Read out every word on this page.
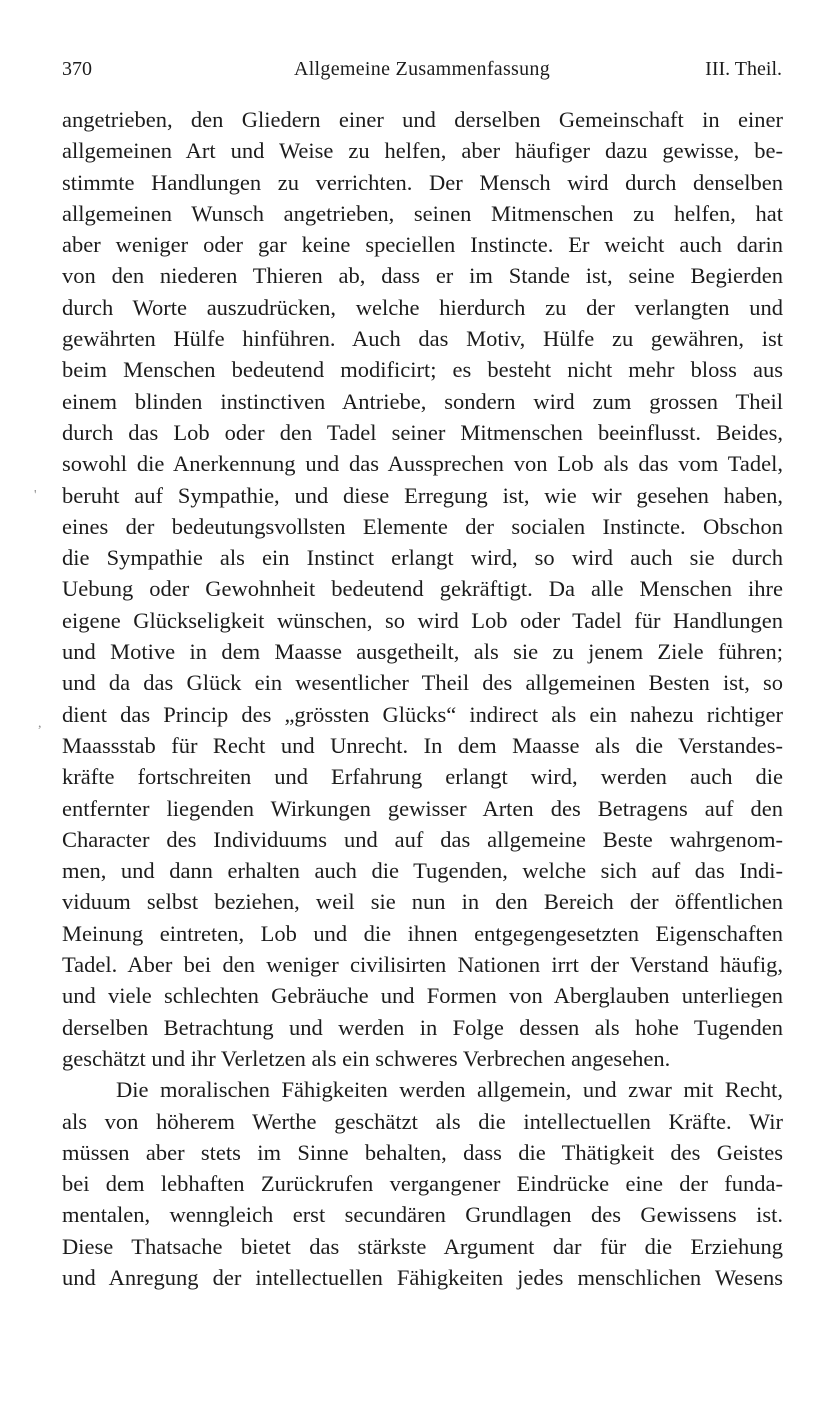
370	Allgemeine Zusammenfassung	III. Theil.
'
,
angetrieben, den Gliedern einer und derselben Gemeinschaft in einer
allgemeinen Art und Weise zu helfen, aber häufiger dazu gewisse, be-
stimmte Handlungen zu verrichten. Der Mensch wird durch denselben
allgemeinen Wunsch angetrieben, seinen Mitmenschen zu helfen, hat
aber weniger oder gar keine speciellen Instincte. Er weicht auch darin
von den niederen Thieren ab, dass er im Stande ist, seine Begierden
durch Worte auszudrücken, welche hierdurch zu der verlangten und
gewährten Hülfe hinführen. Auch das Motiv, Hülfe zu gewähren, ist
beim Menschen bedeutend modificirt; es besteht nicht mehr bloss aus
einem blinden instinctiven Antriebe, sondern wird zum grossen Theil
durch das Lob oder den Tadel seiner Mitmenschen beeinflusst. Beides,
sowohl die Anerkennung und das Aussprechen von Lob als das vom Tadel,
beruht auf Sympathie, und diese Erregung ist, wie wir gesehen haben,
eines der bedeutungsvollsten Elemente der socialen Instincte. Obschon
die Sympathie als ein Instinct erlangt wird, so wird auch sie durch
Uebung oder Gewohnheit bedeutend gekräftigt. Da alle Menschen ihre
eigene Glückseligkeit wünschen, so wird Lob oder Tadel für Handlungen
und Motive in dem Maasse ausgetheilt, als sie zu jenem Ziele führen;
und da das Glück ein wesentlicher Theil des allgemeinen Besten ist, so
dient das Princip des „grössten Glücks“ indirect als ein nahezu richtiger
Maassstab für Recht und Unrecht. In dem Maasse als die Verstandes-
kräfte fortschreiten und Erfahrung erlangt wird, werden auch die
entfernter liegenden Wirkungen gewisser Arten des Betragens auf den
Character des Individuums und auf das allgemeine Beste wahrgenom-
men, und dann erhalten auch die Tugenden, welche sich auf das Indi-
viduum selbst beziehen, weil sie nun in den Bereich der öffentlichen
Meinung eintreten, Lob und die ihnen entgegengesetzten Eigenschaften
Tadel. Aber bei den weniger civilisirten Nationen irrt der Verstand häufig,
und viele schlechten Gebräuche und Formen von Aberglauben unterliegen
derselben Betrachtung und werden in Folge dessen als hohe Tugenden
geschätzt und ihr Verletzen als ein schweres Verbrechen angesehen.
Die moralischen Fähigkeiten werden allgemein, und zwar mit Recht,
als von höherem Werthe geschätzt als die intellectuellen Kräfte. Wir
müssen aber stets im Sinne behalten, dass die Thätigkeit des Geistes
bei dem lebhaften Zurückrufen vergangener Eindrücke eine der funda-
mentalen, wenngleich erst secundären Grundlagen des Gewissens ist.
Diese Thatsache bietet das stärkste Argument dar für die Erziehung
und Anregung der intellectuellen Fähigkeiten jedes menschlichen Wesens
